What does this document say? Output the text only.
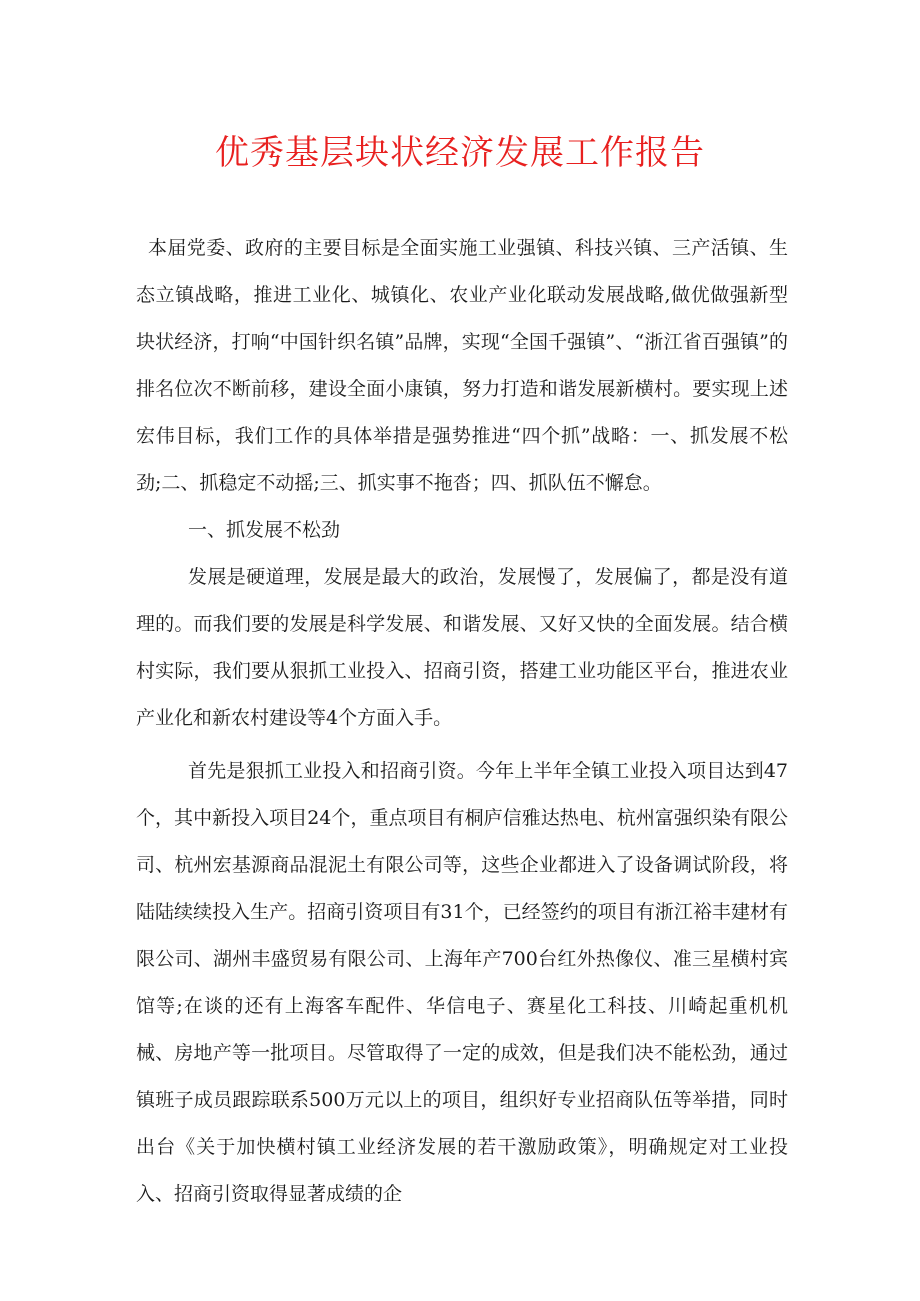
优秀基层块状经济发展工作报告

本届党委、政府的主要目标是全面实施工业强镇、科技兴镇、三产活镇、生态立镇战略，推进工业化、城镇化、农业产业化联动发展战略,做优做强新型块状经济，打响“中国针织名镇”品牌，实现“全国千强镇”、“浙江省百强镇”的排名位次不断前移，建设全面小康镇，努力打造和谐发展新横村。要实现上述宏伟目标，我们工作的具体举措是强势推进“四个抓”战略：一、抓发展不松劲;二、抓稳定不动摇;三、抓实事不拖沓；四、抓队伍不懈怠。

一、抓发展不松劲

发展是硬道理，发展是最大的政治，发展慢了，发展偏了，都是没有道理的。而我们要的发展是科学发展、和谐发展、又好又快的全面发展。结合横村实际，我们要从狠抓工业投入、招商引资，搭建工业功能区平台，推进农业产业化和新农村建设等4个方面入手。

首先是狠抓工业投入和招商引资。今年上半年全镇工业投入项目达到47个，其中新投入项目24个，重点项目有桐庐信雅达热电、杭州富强织染有限公司、杭州宏基源商品混泥土有限公司等，这些企业都进入了设备调试阶段，将陆陆续续投入生产。招商引资项目有31个，已经签约的项目有浙江裕丰建材有限公司、湖州丰盛贸易有限公司、上海年产700台红外热像仪、准三星横村宾馆等;在谈的还有上海客车配件、华信电子、赛星化工科技、川崎起重机机械、房地产等一批项目。尽管取得了一定的成效，但是我们决不能松劲，通过镇班子成员跟踪联系500万元以上的项目，组织好专业招商队伍等举措，同时出台《关于加快横村镇工业经济发展的若干激励政策》，明确规定对工业投入、招商引资取得显著成绩的企
